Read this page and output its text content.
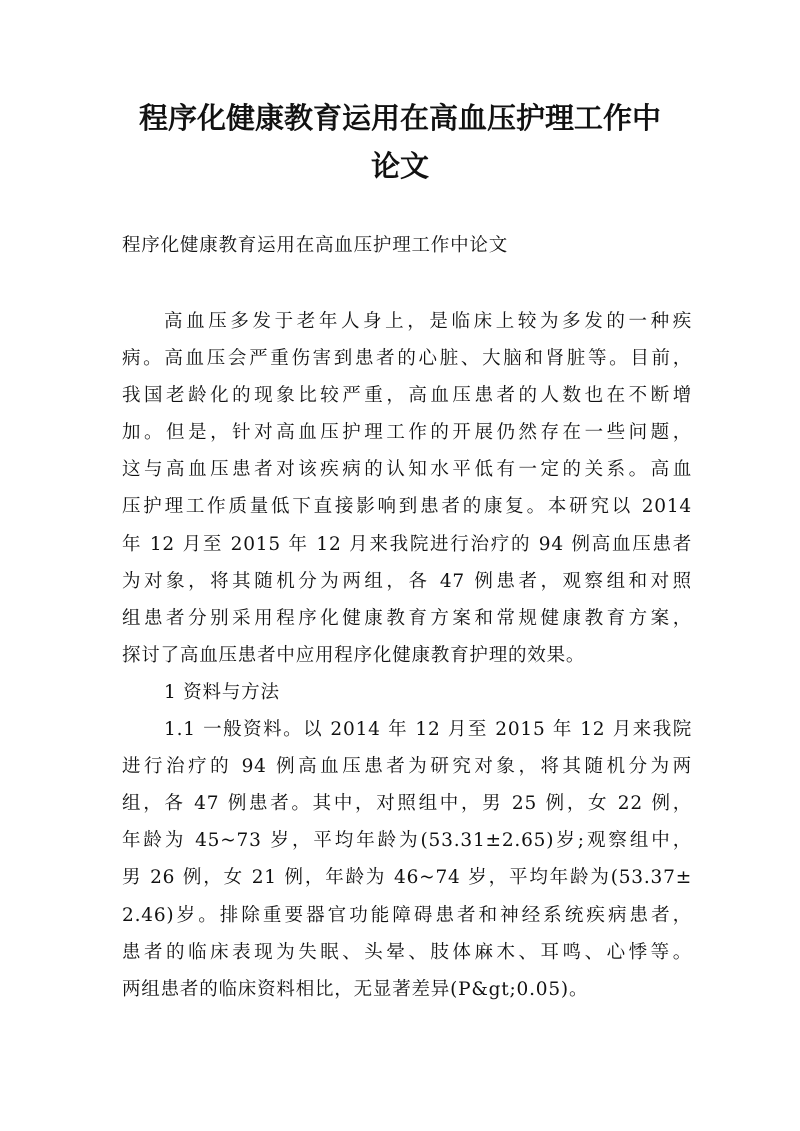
程序化健康教育运用在高血压护理工作中
论文
程序化健康教育运用在高血压护理工作中论文
高血压多发于老年人身上，是临床上较为多发的一种疾
病。高血压会严重伤害到患者的心脏、大脑和肾脏等。目前，
我国老龄化的现象比较严重，高血压患者的人数也在不断增
加。但是，针对高血压护理工作的开展仍然存在一些问题，
这与高血压患者对该疾病的认知水平低有一定的关系。高血
压护理工作质量低下直接影响到患者的康复。本研究以 2014
年 12 月至 2015 年 12 月来我院进行治疗的 94 例高血压患者
为对象，将其随机分为两组，各 47 例患者，观察组和对照
组患者分别采用程序化健康教育方案和常规健康教育方案，
探讨了高血压患者中应用程序化健康教育护理的效果。
1 资料与方法
1.1 一般资料。以 2014 年 12 月至 2015 年 12 月来我院
进行治疗的 94 例高血压患者为研究对象，将其随机分为两
组，各 47 例患者。其中，对照组中，男 25 例，女 22 例，
年龄为 45~73 岁，平均年龄为(53.31±2.65)岁;观察组中，
男 26 例，女 21 例，年龄为 46~74 岁，平均年龄为(53.37±
2.46)岁。排除重要器官功能障碍患者和神经系统疾病患者，
患者的临床表现为失眠、头晕、肢体麻木、耳鸣、心悸等。
两组患者的临床资料相比，无显著差异(P&gt;0.05)。
